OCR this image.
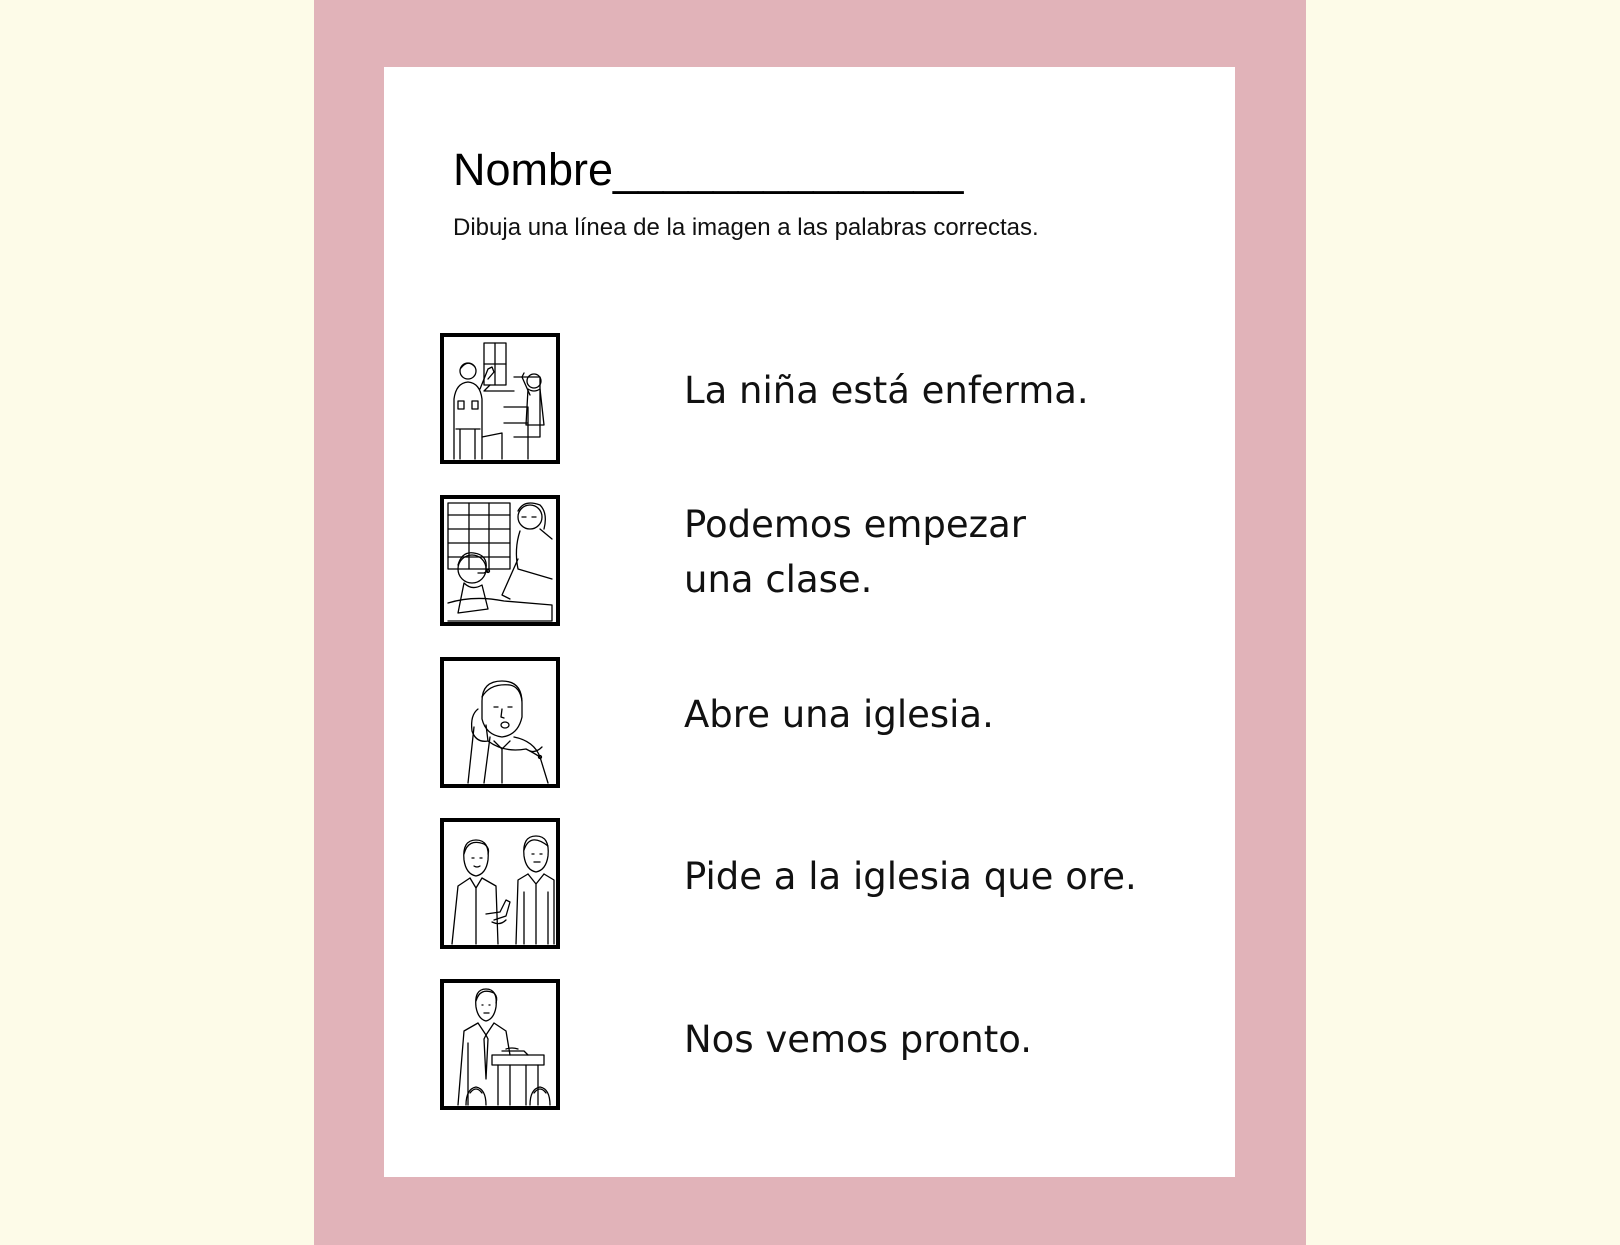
Nombre______________
Dibuja una línea de la imagen a las palabras correctas.
La niña está enferma.
Podemos empezar
una clase.
Abre una iglesia.
Pide a la iglesia que ore.
Nos vemos pronto.
